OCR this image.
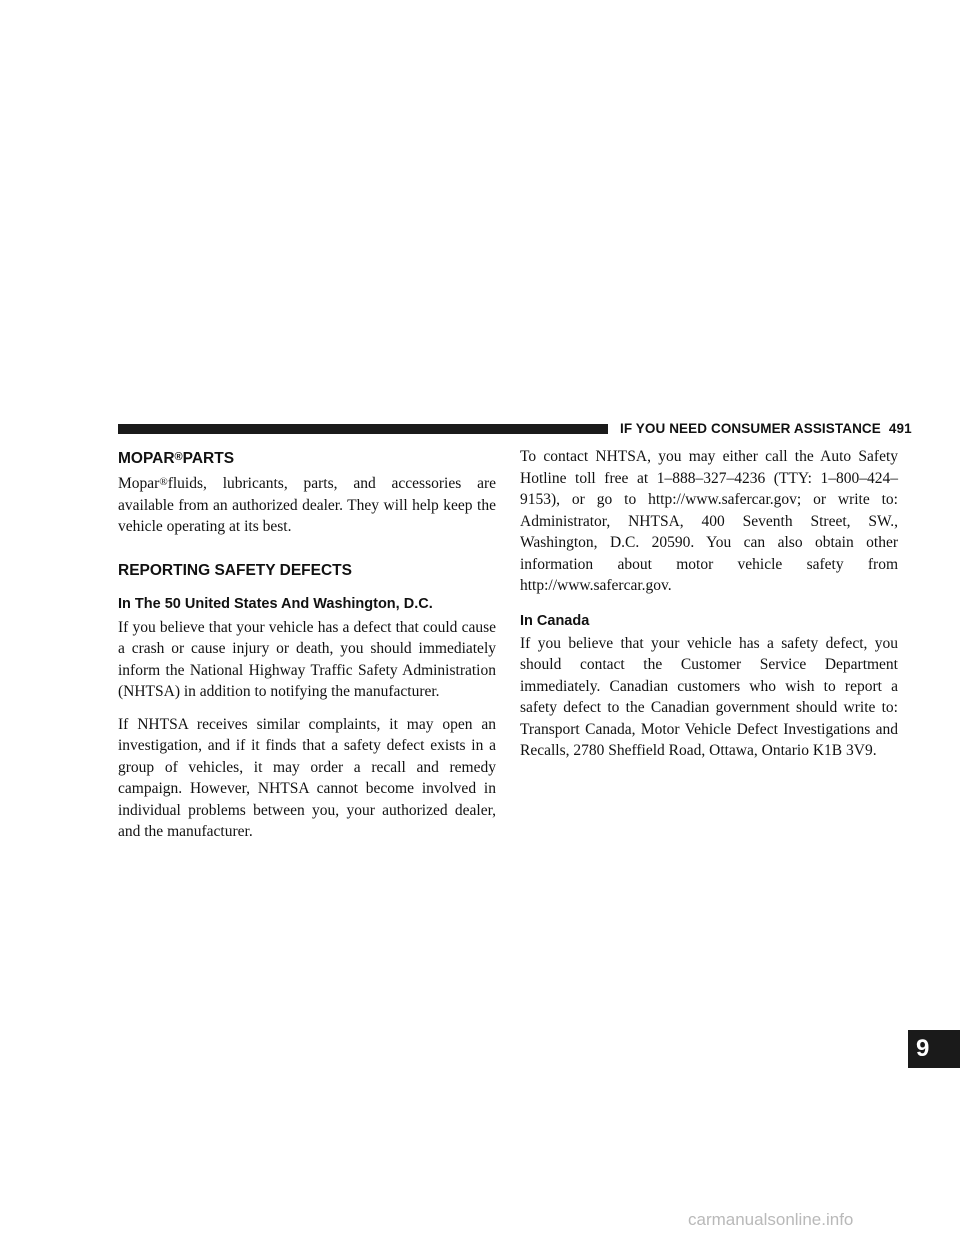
IF YOU NEED CONSUMER ASSISTANCE 491
MOPAR®PARTS

Mopar®fluids, lubricants, parts, and accessories are available from an authorized dealer. They will help keep the vehicle operating at its best.

REPORTING SAFETY DEFECTS
In The 50 United States And Washington, D.C.

If you believe that your vehicle has a defect that could cause a crash or cause injury or death, you should immediately inform the National Highway Traffic Safety Administration (NHTSA) in addition to notifying the manufacturer.

If NHTSA receives similar complaints, it may open an investigation, and if it finds that a safety defect exists in a group of vehicles, it may order a recall and remedy campaign. However, NHTSA cannot become involved in individual problems between you, your authorized dealer, and the manufacturer.

To contact NHTSA, you may either call the Auto Safety Hotline toll free at 1–888–327–4236 (TTY: 1–800–424– 9153), or go to http://www.safercar.gov; or write to: Administrator, NHTSA, 400 Seventh Street, SW., Washington, D.C. 20590. You can also obtain other information about motor vehicle safety from http://www.safercar.gov.

In Canada

If you believe that your vehicle has a safety defect, you should contact the Customer Service Department immediately. Canadian customers who wish to report a safety defect to the Canadian government should write to: Transport Canada, Motor Vehicle Defect Investigations and Recalls, 2780 Sheffield Road, Ottawa, Ontario K1B 3V9.

9
carmanualsonline.info
